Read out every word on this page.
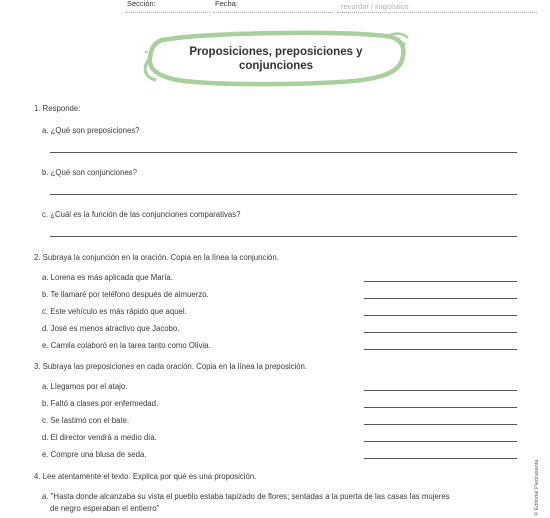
Sección:	Fecha:	recordar / lingüístico
Proposiciones, preposiciones y
conjunciones
1. Responde:
a. ¿Qué son preposiciones?
b. ¿Qué son conjunciones?
c. ¿Cuál es la función de las conjunciones comparativas?
2. Subraya la conjunción en la oración. Copia en la línea la conjunción.
a. Lorena es más aplicada que María.
b. Te llamaré por teléfono después de almuerzo.
c. Este vehículo es más rápido que aquel.
d. José es menos atractivo que Jacobo.
e. Camila colaboró en la tarea tanto como Olivia.
3. Subraya las preposiciones en cada oración. Copia en la línea la preposición.
a. Llegamos por el atajo.
b. Faltó a clases por enfermedad.
c. Se lastimó con el bate.
d. El director vendrá a medio día.
e. Compre una blusa de seda.
4. Lee atentamente el texto. Explica por qué es una proposición.
a. "Hasta donde alcanzaba su vista el pueblo estaba tapizado de flores; sentadas a la puerta de las casas las mujeres
de negro esperaban el entierro"	© Editorial Piedrasanta
